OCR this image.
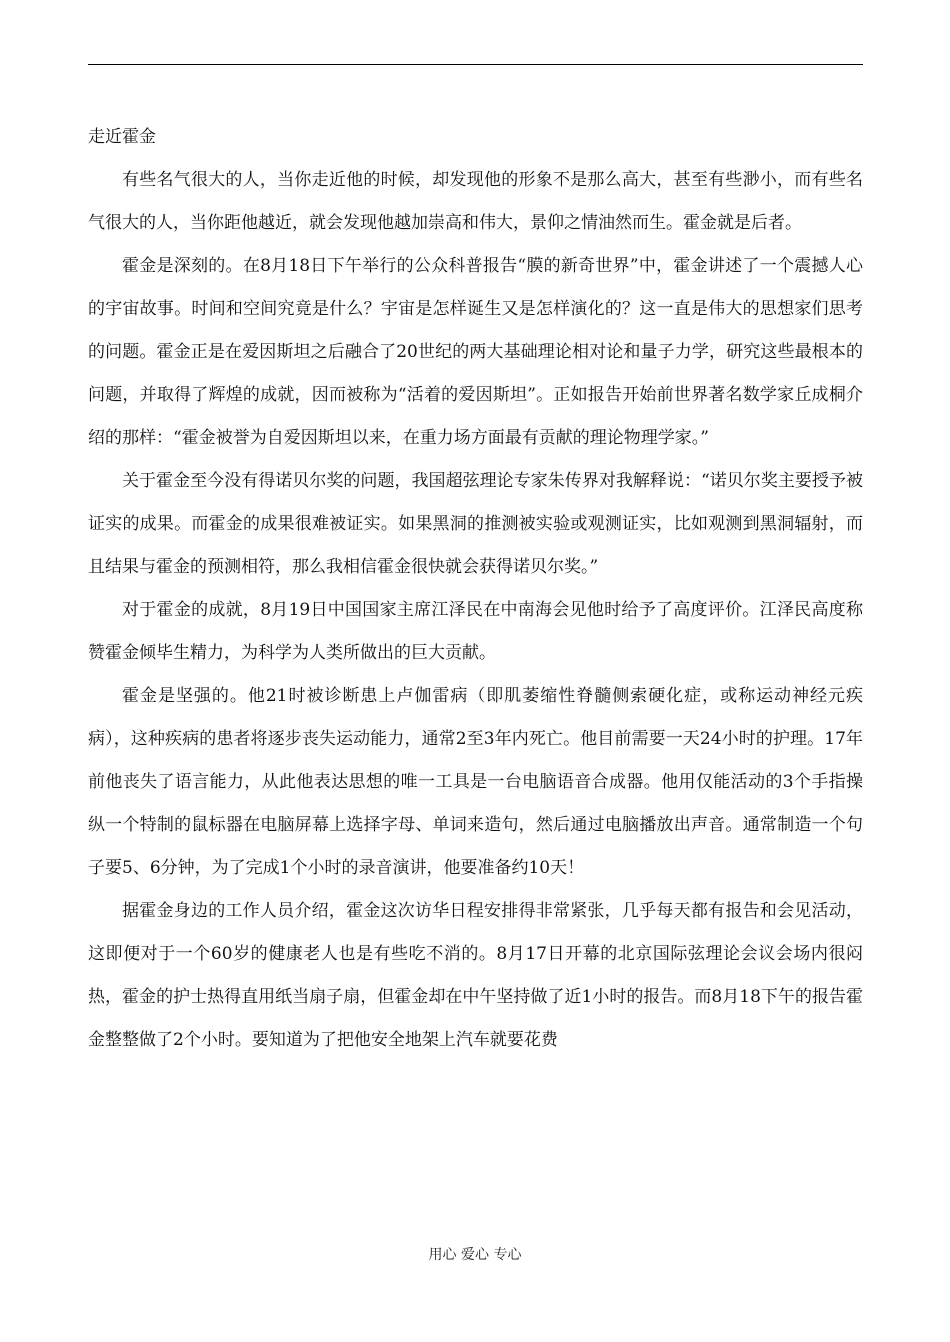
走近霍金

有些名气很大的人，当你走近他的时候，却发现他的形象不是那么高大，甚至有些渺小，而有些名气很大的人，当你距他越近，就会发现他越加崇高和伟大，景仰之情油然而生。霍金就是后者。

霍金是深刻的。在8月18日下午举行的公众科普报告“膜的新奇世界”中，霍金讲述了一个震撼人心的宇宙故事。时间和空间究竟是什么？宇宙是怎样诞生又是怎样演化的？这一直是伟大的思想家们思考的问题。霍金正是在爱因斯坦之后融合了20世纪的两大基础理论相对论和量子力学，研究这些最根本的问题，并取得了辉煌的成就，因而被称为“活着的爱因斯坦”。正如报告开始前世界著名数学家丘成桐介绍的那样：“霍金被誉为自爱因斯坦以来，在重力场方面最有贡献的理论物理学家。”

关于霍金至今没有得诺贝尔奖的问题，我国超弦理论专家朱传界对我解释说：“诺贝尔奖主要授予被证实的成果。而霍金的成果很难被证实。如果黑洞的推测被实验或观测证实，比如观测到黑洞辐射，而且结果与霍金的预测相符，那么我相信霍金很快就会获得诺贝尔奖。”

对于霍金的成就，8月19日中国国家主席江泽民在中南海会见他时给予了高度评价。江泽民高度称赞霍金倾毕生精力，为科学为人类所做出的巨大贡献。

霍金是坚强的。他21时被诊断患上卢伽雷病（即肌萎缩性脊髓侧索硬化症，或称运动神经元疾病），这种疾病的患者将逐步丧失运动能力，通常2至3年内死亡。他目前需要一天24小时的护理。17年前他丧失了语言能力，从此他表达思想的唯一工具是一台电脑语音合成器。他用仅能活动的3个手指操纵一个特制的鼠标器在电脑屏幕上选择字母、单词来造句，然后通过电脑播放出声音。通常制造一个句子要5、6分钟，为了完成1个小时的录音演讲，他要准备约10天！

据霍金身边的工作人员介绍，霍金这次访华日程安排得非常紧张，几乎每天都有报告和会见活动，这即便对于一个60岁的健康老人也是有些吃不消的。8月17日开幕的北京国际弦理论会议会场内很闷热，霍金的护士热得直用纸当扇子扇，但霍金却在中午坚持做了近1小时的报告。而8月18下午的报告霍金整整做了2个小时。要知道为了把他安全地架上汽车就要花费

用心 爱心 专心
